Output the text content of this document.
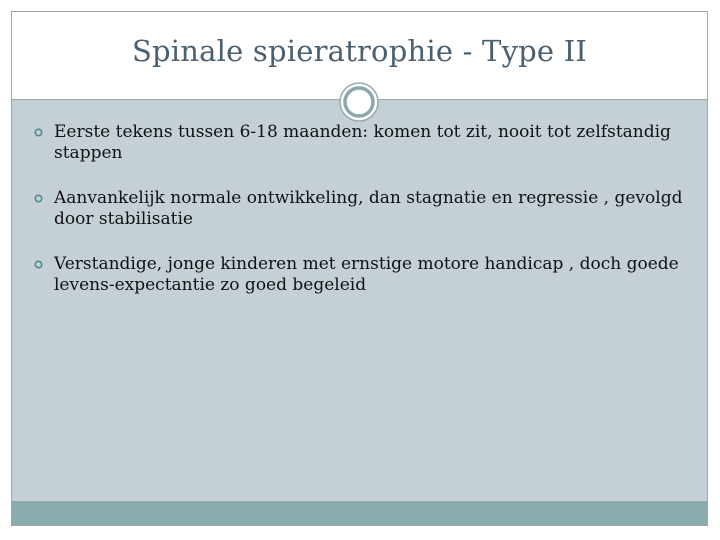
Spinale spieratrophie - Type II
Eerste tekens tussen 6-18 maanden: komen tot zit, nooit tot zelfstandig stappen
Aanvankelijk normale ontwikkeling, dan stagnatie en regressie , gevolgd door stabilisatie
Verstandige, jonge kinderen met ernstige motore handicap , doch goede levens-expectantie zo goed begeleid
